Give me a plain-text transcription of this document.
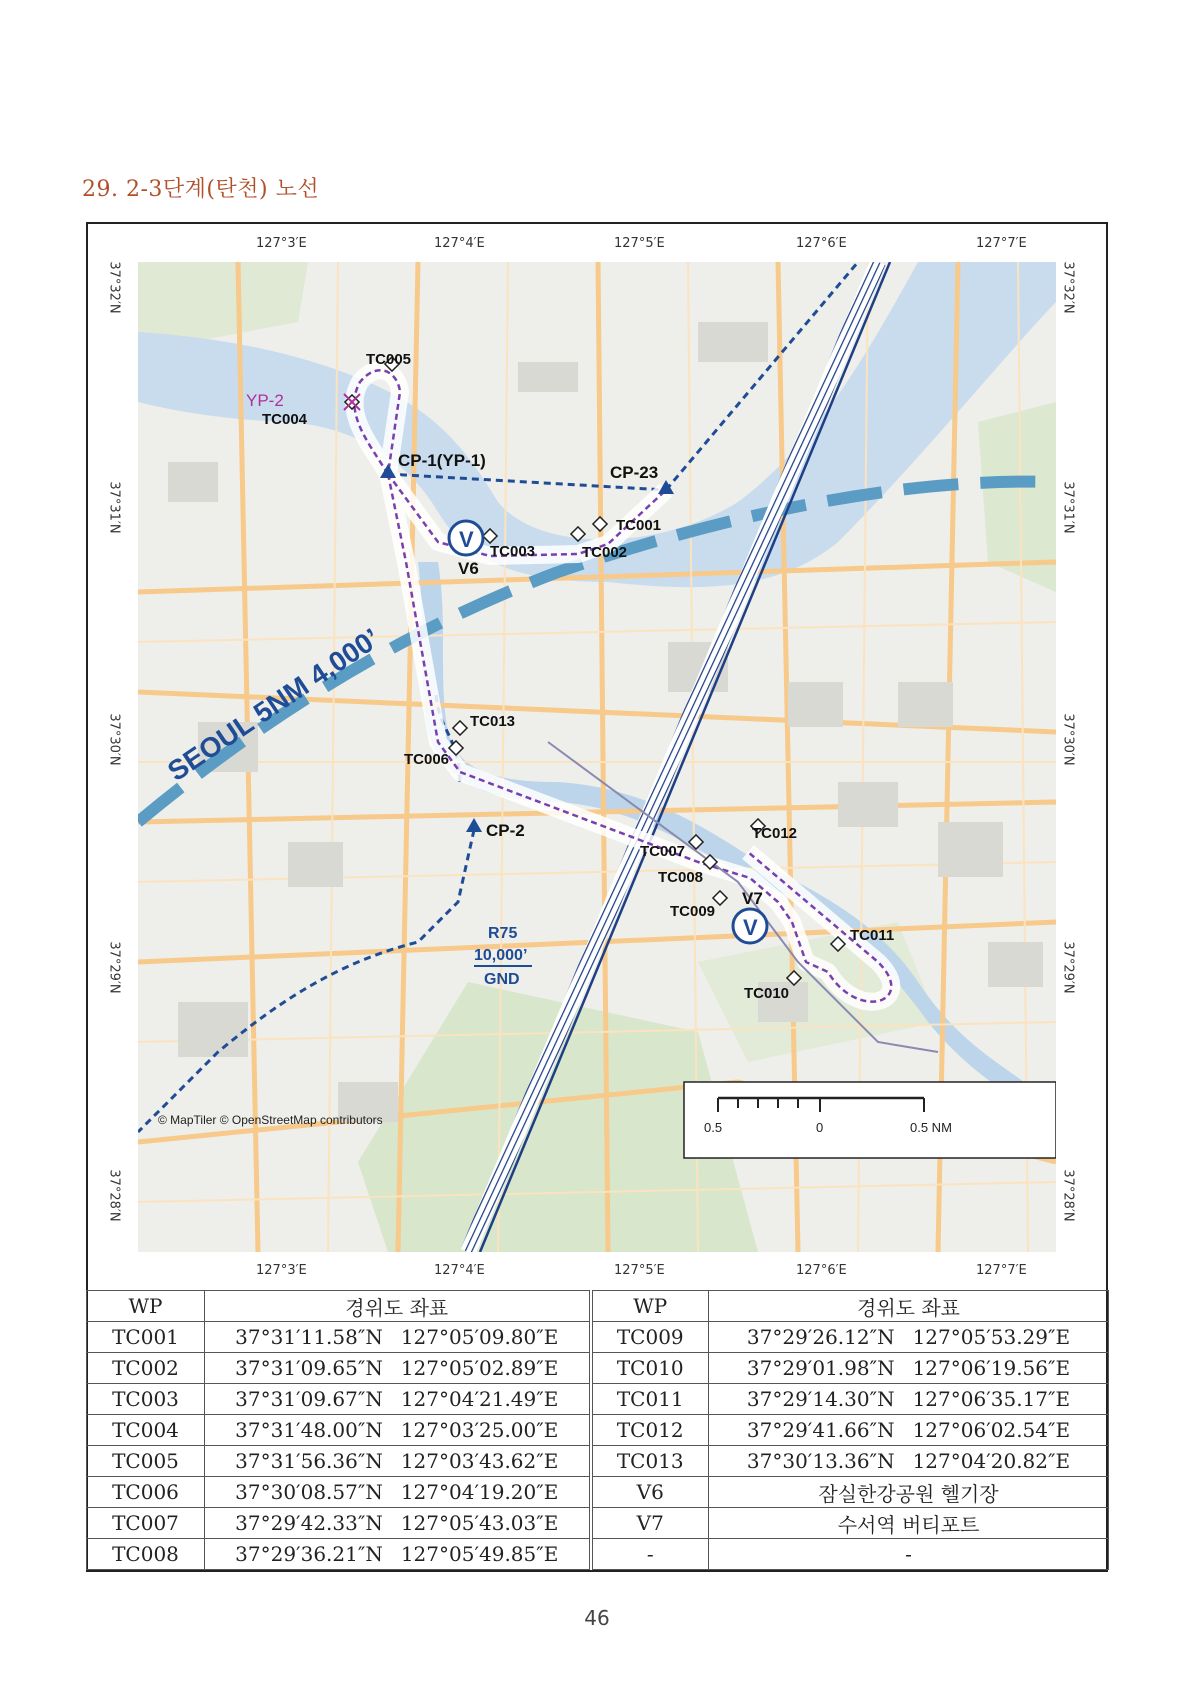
29. 2-3단계(탄천) 노선
127°3′E	127°4′E	127°5′E	127°6′E	127°7′E
127°3′E	127°4′E	127°5′E	127°6′E	127°7′E
37°32′N
37°31′N
37°30′N
37°29′N
37°28′N
37°32′N
37°31′N
37°30′N
37°29′N
37°28′N
SEOUL 5NM 4,000’
V
V
TC001
TC002
TC003
TC004
TC005
TC006
TC007
TC008
TC009
TC010
TC011
TC012
TC013
CP-1(YP-1)
CP-23
CP-2
YP-2
V6
V7
R75
10,000’
GND
© MapTiler © OpenStreetMap contributors	0.5	0	0.5 NM
WP	경위도 좌표	WP	경위도 좌표
TC001	37°31′11.58″N 127°05′09.80″E	TC009	37°29′26.12″N 127°05′53.29″E
TC002	37°31′09.65″N 127°05′02.89″E	TC010	37°29′01.98″N 127°06′19.56″E
TC003	37°31′09.67″N 127°04′21.49″E	TC011	37°29′14.30″N 127°06′35.17″E
TC004	37°31′48.00″N 127°03′25.00″E	TC012	37°29′41.66″N 127°06′02.54″E
TC005	37°31′56.36″N 127°03′43.62″E	TC013	37°30′13.36″N 127°04′20.82″E
TC006	37°30′08.57″N 127°04′19.20″E	V6	잠실한강공원 헬기장
TC007	37°29′42.33″N 127°05′43.03″E	V7	수서역 버티포트
TC008	37°29′36.21″N 127°05′49.85″E	-	-
46
